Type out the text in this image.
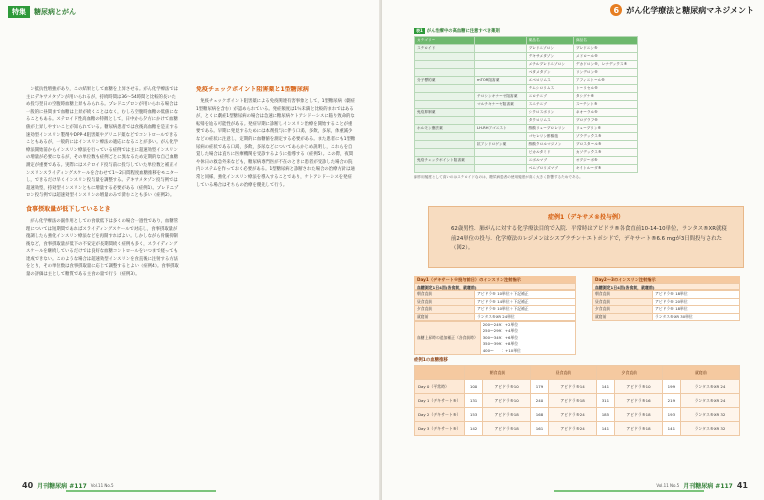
特集	糖尿病とがん

ン抵抗性増強があり，この結果として血糖を上昇させる。がん化学療法では主にデキサメタゾンが用いられるが，持続時間は36～54時間と比較的長いため投与翌日の空腹時血糖上昇もみられる。プレドニゾロンが用いられる場合は一般的に昼間まで血糖は上昇が続くことはなく，むしろ空腹時血糖の低値になることもある。ステロイド性高血糖の特徴として，日中から夕方にかけて血糖値が上昇しやすいことが知られている。糖尿病患者では食後高血糖を是正する速効型インスリン製剤やDPP-4阻害薬やグリニド薬などでコントロールできることもあるが，一般的にはインスリン療法の適応になることが多い。がん化学療法開始前からインスリン療法を行っている症例では主に超速効型インスリンの増量が必要になるが，その単位数も症例ごとに異なるため定期的な自己血糖測定が重要である。実際にはステロイド投与前に投与していた単位数と補正インスリンスライディングスケールを合わせて1～2日間程度血糖推移をモニターし，できるだけ早くインスリン投与量を調整する。デキサメタゾン投与例では超速効型，持効型インスリンともに増量する必要がある（症例1）。プレドニゾロン投与例では超速効型インスリンの増量のみで済むことも多い（症例2）。

食事摂取量が低下しているとき

がん化学療法の副作用としての食欲低下は多くの場合一過性であり，血糖管理については短期間であればスライディングスケールで対応し，食事摂取量が復調したら強化インスリン療法などを再開すればよい。しかしながら骨髄抑制後など，食事摂取量が低下の不安定が長期間続く症例も多く，スライディングスケールを継続しているだけでは良好な血糖コントロールをいつまで経っても達成できない。このような場合は超速効型インスリンを食直後に注射する方法をとり，その単位数は食事摂取量に応じて調整するとよい（症例4）。食事摂取量の評価は主として糖質である主食の量で行う（症例3）。

免疫チェックポイント阻害薬と1型糖尿病

免疫チェックポイント阻害薬による免疫関連有害事象として，1型糖尿病（劇症1型糖尿病を含む）が認められている。発症頻度は1％未満と比較的まれではあるが，とくに劇症1型糖尿病の場合は急速に糖尿病ケトアシドーシスに陥り致命的な転帰を辿る可能性がある。発症早期に診断しインスリン治療を開始することが重要である。早期に発見するためには本剤投与に伴う口渇，多飲，多尿，体重減少などの症状に注意し，定期的に血糖値を測定する必要がある。また患者にも1型糖尿病の症状である口渇，多飲，多尿などについてあらかじめ説明し，これらを自覚した場合は直ちに医療機関を受診するように指導する（症例5）。この際，夜間や休日の救急外来なども，糖尿病専門医が不在のときに患者が受診した場合の院内システムを作っておく必要がある。1型糖尿病と診断された場合の治療方針は通常と同様，強化インスリン療法を導入することであり，ケトアシドーシスを発症している場合はそちらの治療を優先して行う。

40 月刊糖尿病 #117 Vol.11 No.5
6 がん化学療法と糖尿病マネジメント
Vol.11 No.5 月刊糖尿病 #117 41
表1 がん治療中の高血糖に注意すべき薬剤
カテゴリー		薬品名	商品名
ステロイド		プレドニゾロン	プレドニン®
		デキサメタゾン	メドロール®
		メチルプレドニゾロン	デカドロン®，レナデックス®
		ベタメタゾン	リンデロン®
分子標的薬	mTOR阻害薬	エベロリムス	アフィニトール®
		テムシロリムス	トーリセル®
	チロシンキナーゼ阻害薬	ニロチニブ	タシグナ®
	マルチキナーゼ阻害薬	スニチニブ	スーテント®
免疫抑制薬		シクロスポリン	ネオーラル®
		タクロリムス	プログラフ®
ホルモン療法薬	LH-RHアゴニスト	酢酸リュープロレリン	リュープリン®
		ゴセレリン酢酸塩	ゾラデックス®
	抗アンドロゲン薬	酢酸クロルマジノン	プロスタール®
		ビカルタミド	カソデックス®
免疫チェックポイント阻害薬		ニボルマブ	オプジーボ®
		ペムブロリズマブ	キイトルーダ®
副作用頻度として高いのはステロイドなのは，糖尿病患者の使用頻度が高く大きく影響するためである。
症例1（デキサメ®投与例）
62歳男性．肺がんに対する化学療法目的で入院．平常時はアピドラ®各食直前10-14-10単位，ランタス®XR就寝前24単位の投与．化学療法のレジメンはシスプラチン＋エトポシドで，デキサート®6.6 mgが3日間投与された（図2）。
Day1（デキサート®投与前日）のインスリン注射指示
血糖測定1日4回(各食前，就寝前)
朝食直前	アピドラ® 10単位＋下記補正
昼食直前	アピドラ® 14単位＋下記補正
夕食直前	アピドラ® 10単位＋下記補正
就寝前	ランタス®XR 24単位
血糖上昇時の追加補正（各食前時）	
200～249：+2単位
250～299：+4単位
300～349：+6単位
350～399：+8単位
400～　　：+10単位
Day2～3のインスリン注射指示
血糖測定1日4回(各食前，就寝前)
朝食直前	アピドラ® 18単位
昼食直前	アピドラ® 20単位
夕食直前	アピドラ® 18単位
就寝前	ランタス®XR 30単位
症例1の血糖推移
	朝食直前		昼食直前		夕食直前		就寝前	
Day 0（平常時）	100	アピドラ®10	179	アピドラ®14	141	アピドラ®10	199	ランタス®XR 24
Day 1（デキサート®）	131	アピドラ®10	240	アピドラ®18	311	アピドラ®16	219	ランタス®XR 24
Day 2（デキサート®）	153	アピドラ®18	168	アピドラ®24	185	アピドラ®18	193	ランタス®XR 32
Day 3（デキサート®）	142	アピドラ®18	161	アピドラ®24	141	アピドラ®18	141	ランタス®XR 32
